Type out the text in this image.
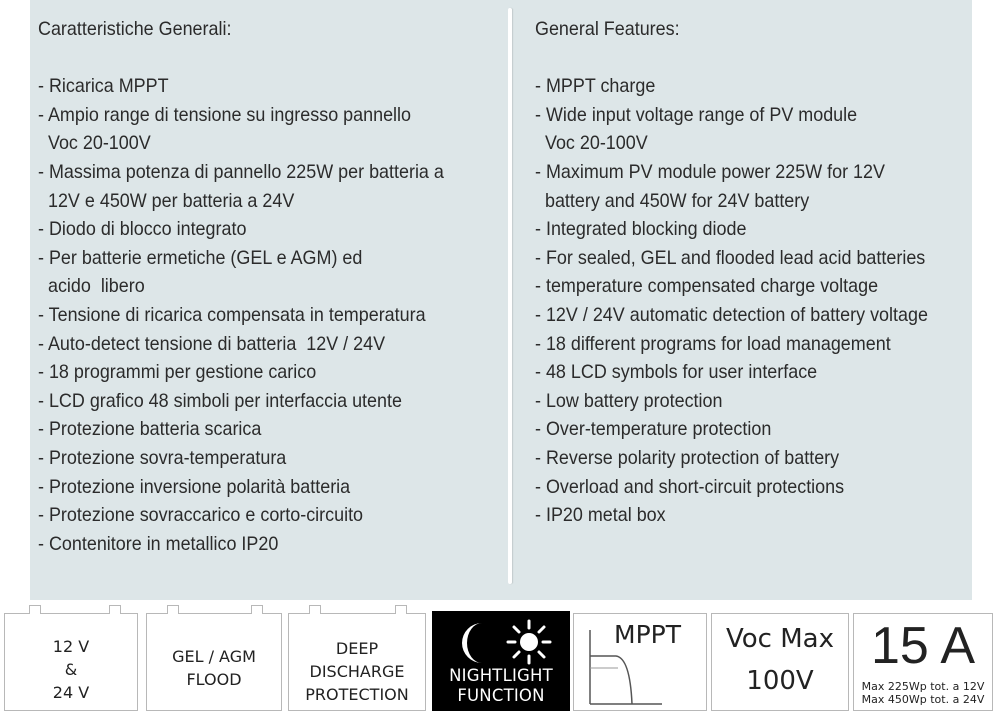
Caratteristiche Generali:
- Ricarica MPPT
- Ampio range di tensione su ingresso pannello
Voc 20-100V
- Massima potenza di pannello 225W per batteria a
12V e 450W per batteria a 24V
- Diodo di blocco integrato
- Per batterie ermetiche (GEL e AGM) ed
acido  libero
- Tensione di ricarica compensata in temperatura
- Auto-detect tensione di batteria  12V / 24V
- 18 programmi per gestione carico
- LCD grafico 48 simboli per interfaccia utente
- Protezione batteria scarica
- Protezione sovra-temperatura
- Protezione inversione polarità batteria
- Protezione sovraccarico e corto-circuito
- Contenitore in metallico IP20
General Features:
- MPPT charge
- Wide input voltage range of PV module
Voc 20-100V
- Maximum PV module power 225W for 12V
battery and 450W for 24V battery
- Integrated blocking diode
- For sealed, GEL and flooded lead acid batteries
- temperature compensated charge voltage
- 12V / 24V automatic detection of battery voltage
- 18 different programs for load management
- 48 LCD symbols for user interface
- Low battery protection
- Over-temperature protection
- Reverse polarity protection of battery
- Overload and short-circuit protections
- IP20 metal box
12 V
&
24 V
GEL / AGM
FLOOD
DEEP
DISCHARGE
PROTECTION
NIGHTLIGHT
FUNCTION
MPPT	Voc Max
100V
15 A
Max 225Wp tot. a 12V
Max 450Wp tot. a 24V
